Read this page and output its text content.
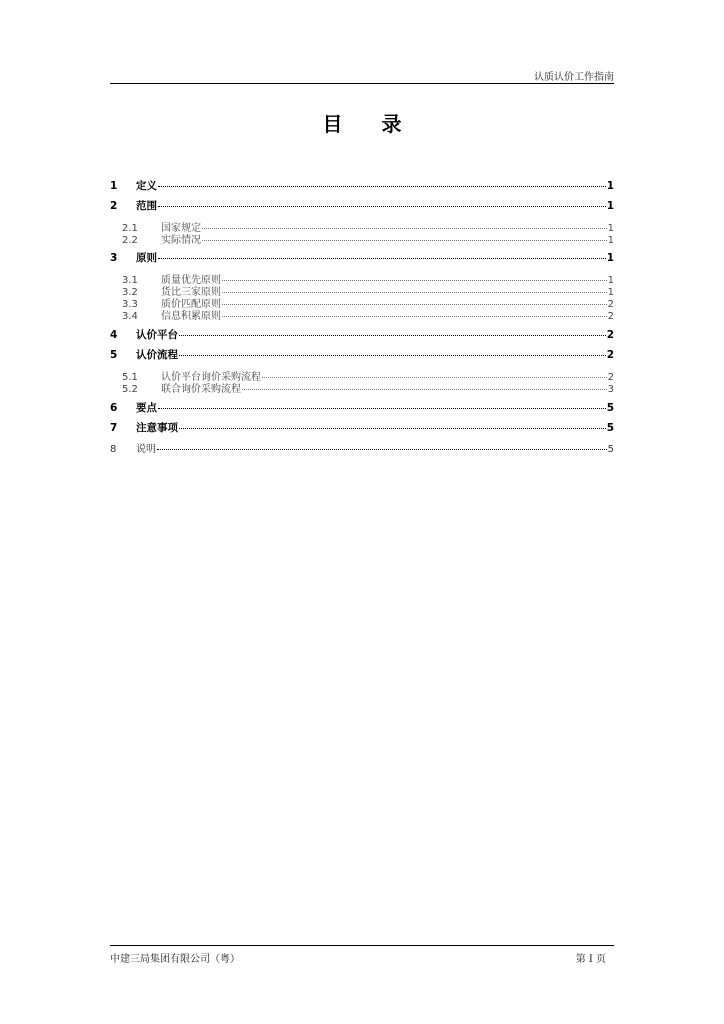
认质认价工作指南
目 录
1	定义	1
2	范围	1
2.1	国家规定	1
2.2	实际情况	1
3	原则	1
3.1	质量优先原则	1
3.2	货比三家原则	1
3.3	质价匹配原则	2
3.4	信息积累原则	2
4	认价平台	2
5	认价流程	2
5.1	认价平台询价采购流程	2
5.2	联合询价采购流程	3
6	要点	5
7	注意事项	5
8	说明	5
中建三局集团有限公司（粤）	第 I 页
